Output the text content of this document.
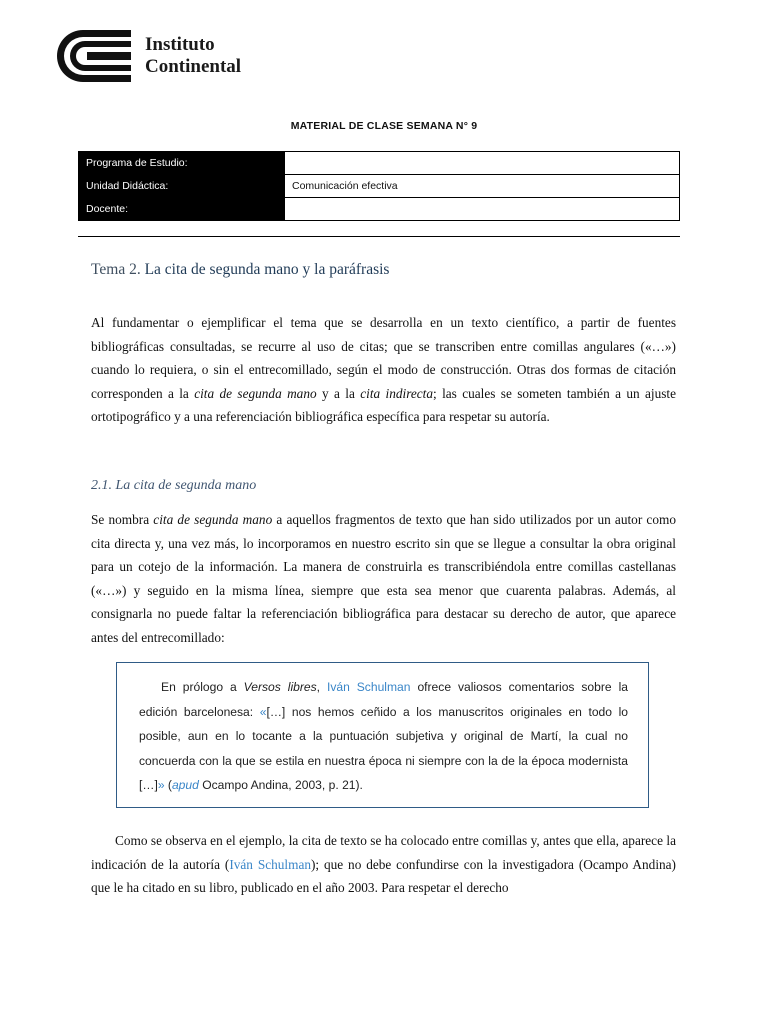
Instituto
Continental
MATERIAL DE CLASE SEMANA N° 9
Programa de Estudio:	
Unidad Didáctica:	Comunicación efectiva
Docente:	
Tema 2. La cita de segunda mano y la paráfrasis

Al fundamentar o ejemplificar el tema que se desarrolla en un texto científico, a partir de fuentes bibliográficas consultadas, se recurre al uso de citas; que se transcriben entre comillas angulares («…») cuando lo requiera, o sin el entrecomillado, según el modo de construcción. Otras dos formas de citación corresponden a la cita de segunda mano y a la cita indirecta; las cuales se someten también a un ajuste ortotipográfico y a una referenciación bibliográfica específica para respetar su autoría.

2.1. La cita de segunda mano

Se nombra cita de segunda mano a aquellos fragmentos de texto que han sido utilizados por un autor como cita directa y, una vez más, lo incorporamos en nuestro escrito sin que se llegue a consultar la obra original para un cotejo de la información. La manera de construirla es transcribiéndola entre comillas castellanas («…») y seguido en la misma línea, siempre que esta sea menor que cuarenta palabras. Además, al consignarla no puede faltar la referenciación bibliográfica para destacar su derecho de autor, que aparece antes del entrecomillado:

En prólogo a Versos libres, Iván Schulman ofrece valiosos comentarios sobre la edición barcelonesa: «[…] nos hemos ceñido a los manuscritos originales en todo lo posible, aun en lo tocante a la puntuación subjetiva y original de Martí, la cual no concuerda con la que se estila en nuestra época ni siempre con la de la época modernista […]» (apud Ocampo Andina, 2003, p. 21).

Como se observa en el ejemplo, la cita de texto se ha colocado entre comillas y, antes que ella, aparece la indicación de la autoría (Iván Schulman); que no debe confundirse con la investigadora (Ocampo Andina) que le ha citado en su libro, publicado en el año 2003. Para respetar el derecho
